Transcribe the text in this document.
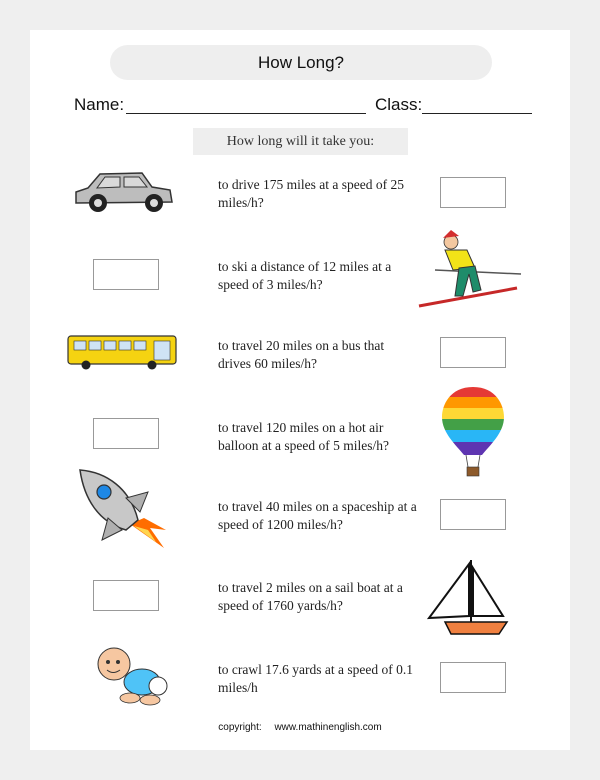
How Long?
Name:	Class:
How long will it take you:
to drive 175 miles at a speed of 25 miles/h?
to ski a distance of 12 miles at a speed of 3 miles/h?
to travel 20 miles on a bus that drives 60 miles/h?
to travel 120 miles on a hot air balloon at a speed of 5 miles/h?
to travel 40 miles on a spaceship at a speed of 1200 miles/h?
to travel 2 miles on a sail boat at a speed of 1760 yards/h?
to crawl 17.6 yards at a speed of 0.1 miles/h
copyright: www.mathinenglish.com
